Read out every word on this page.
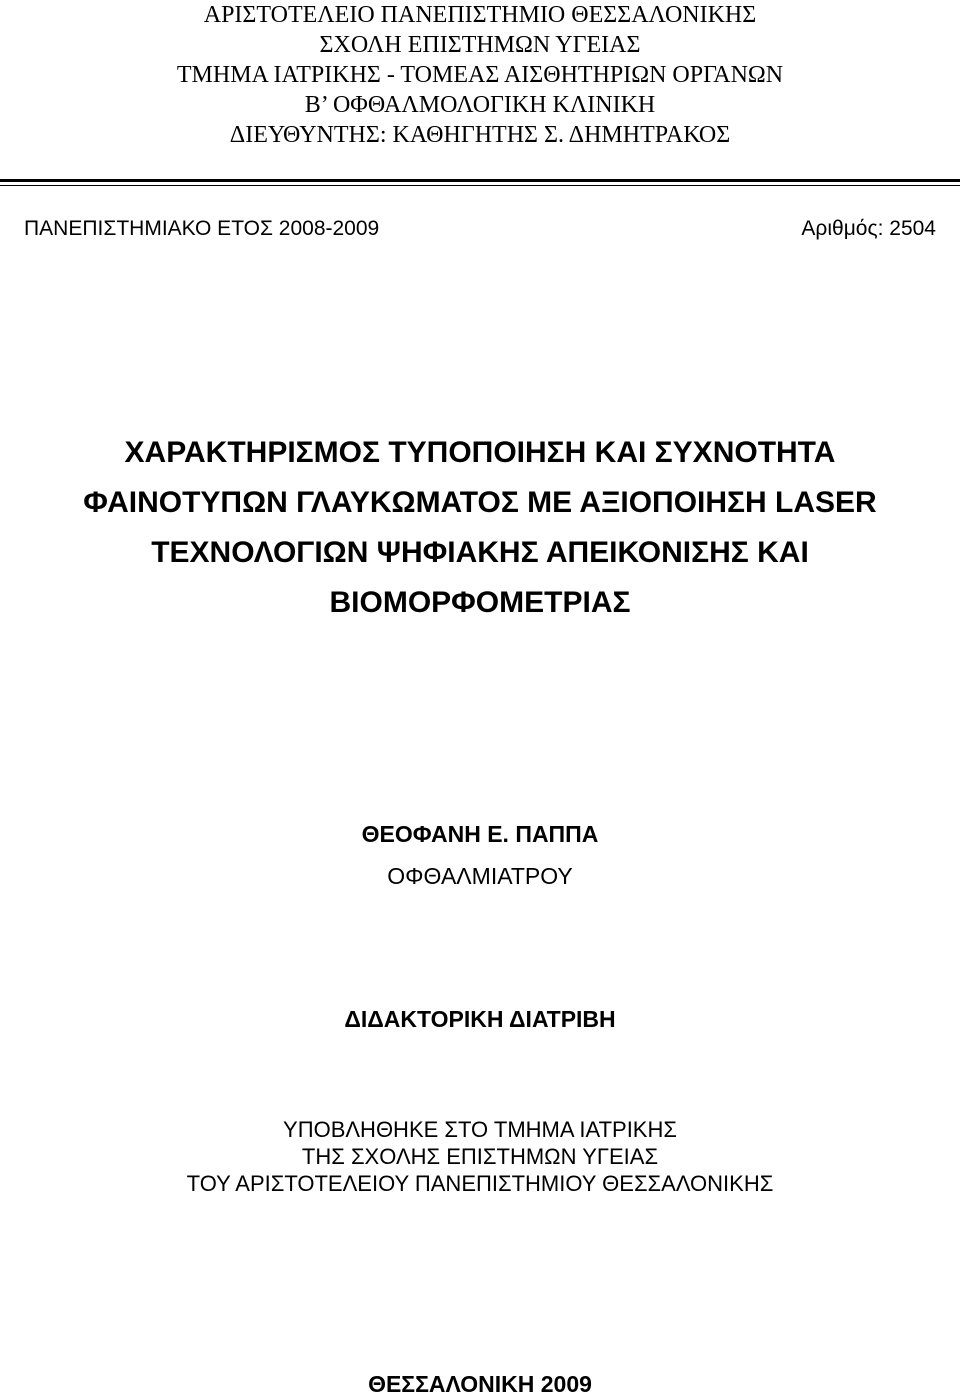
ΑΡΙΣΤΟΤΕΛΕΙΟ ΠΑΝΕΠΙΣΤΗΜΙΟ ΘΕΣΣΑΛΟΝΙΚΗΣ
ΣΧΟΛΗ ΕΠΙΣΤΗΜΩΝ ΥΓΕΙΑΣ
ΤΜΗΜΑ ΙΑΤΡΙΚΗΣ - ΤΟΜΕΑΣ ΑΙΣΘΗΤΗΡΙΩΝ ΟΡΓΑΝΩΝ
Β’ ΟΦΘΑΛΜΟΛΟΓΙΚΗ ΚΛΙΝΙΚΗ
ΔΙΕΥΘΥΝΤΗΣ: ΚΑΘΗΓΗΤΗΣ Σ. ΔΗΜΗΤΡΑΚΟΣ
ΠΑΝΕΠΙΣΤΗΜΙΑΚΟ ΕΤΟΣ 2008-2009	Αριθμός: 2504
ΧΑΡΑΚΤΗΡΙΣΜΟΣ ΤΥΠΟΠΟΙΗΣΗ ΚΑΙ ΣΥΧΝΟΤΗΤΑ
ΦΑΙΝΟΤΥΠΩΝ ΓΛΑΥΚΩΜΑΤΟΣ ΜΕ ΑΞΙΟΠΟΙΗΣΗ LASER
ΤΕΧΝΟΛΟΓΙΩΝ ΨΗΦΙΑΚΗΣ ΑΠΕΙΚΟΝΙΣΗΣ ΚΑΙ
ΒΙΟΜΟΡΦΟΜΕΤΡΙΑΣ
ΘΕΟΦΑΝΗ Ε. ΠΑΠΠΑ
ΟΦΘΑΛΜΙΑΤΡΟΥ
ΔΙΔΑΚΤΟΡΙΚΗ ΔΙΑΤΡΙΒΗ
ΥΠΟΒΛΗΘΗΚΕ ΣΤΟ ΤΜΗΜΑ ΙΑΤΡΙΚΗΣ
ΤΗΣ ΣΧΟΛΗΣ ΕΠΙΣΤΗΜΩΝ ΥΓΕΙΑΣ
ΤΟΥ ΑΡΙΣΤΟΤΕΛΕΙΟΥ ΠΑΝΕΠΙΣΤΗΜΙΟΥ ΘΕΣΣΑΛΟΝΙΚΗΣ
ΘΕΣΣΑΛΟΝΙΚΗ 2009
